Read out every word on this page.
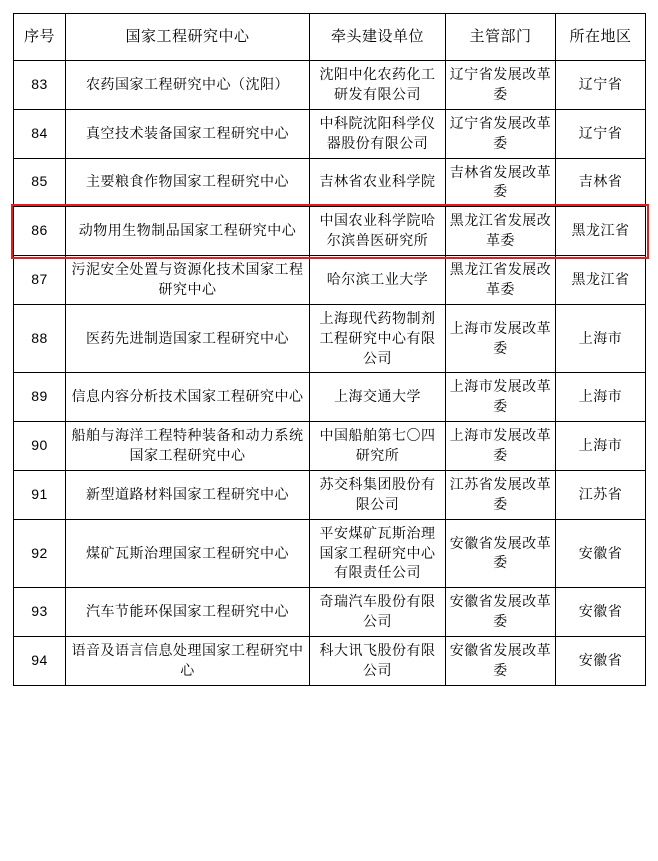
序号	国家工程研究中心	牵头建设单位	主管部门	所在地区
83	农药国家工程研究中心（沈阳）	沈阳中化农药化工研发有限公司	辽宁省发展改革委	辽宁省
84	真空技术装备国家工程研究中心	中科院沈阳科学仪器股份有限公司	辽宁省发展改革委	辽宁省
85	主要粮食作物国家工程研究中心	吉林省农业科学院	吉林省发展改革委	吉林省
86	动物用生物制品国家工程研究中心	中国农业科学院哈尔滨兽医研究所	黑龙江省发展改革委	黑龙江省
87	污泥安全处置与资源化技术国家工程研究中心	哈尔滨工业大学	黑龙江省发展改革委	黑龙江省
88	医药先进制造国家工程研究中心	上海现代药物制剂工程研究中心有限公司	上海市发展改革委	上海市
89	信息内容分析技术国家工程研究中心	上海交通大学	上海市发展改革委	上海市
90	船舶与海洋工程特种装备和动力系统国家工程研究中心	中国船舶第七〇四研究所	上海市发展改革委	上海市
91	新型道路材料国家工程研究中心	苏交科集团股份有限公司	江苏省发展改革委	江苏省
92	煤矿瓦斯治理国家工程研究中心	平安煤矿瓦斯治理国家工程研究中心有限责任公司	安徽省发展改革委	安徽省
93	汽车节能环保国家工程研究中心	奇瑞汽车股份有限公司	安徽省发展改革委	安徽省
94	语音及语言信息处理国家工程研究中心	科大讯飞股份有限公司	安徽省发展改革委	安徽省
